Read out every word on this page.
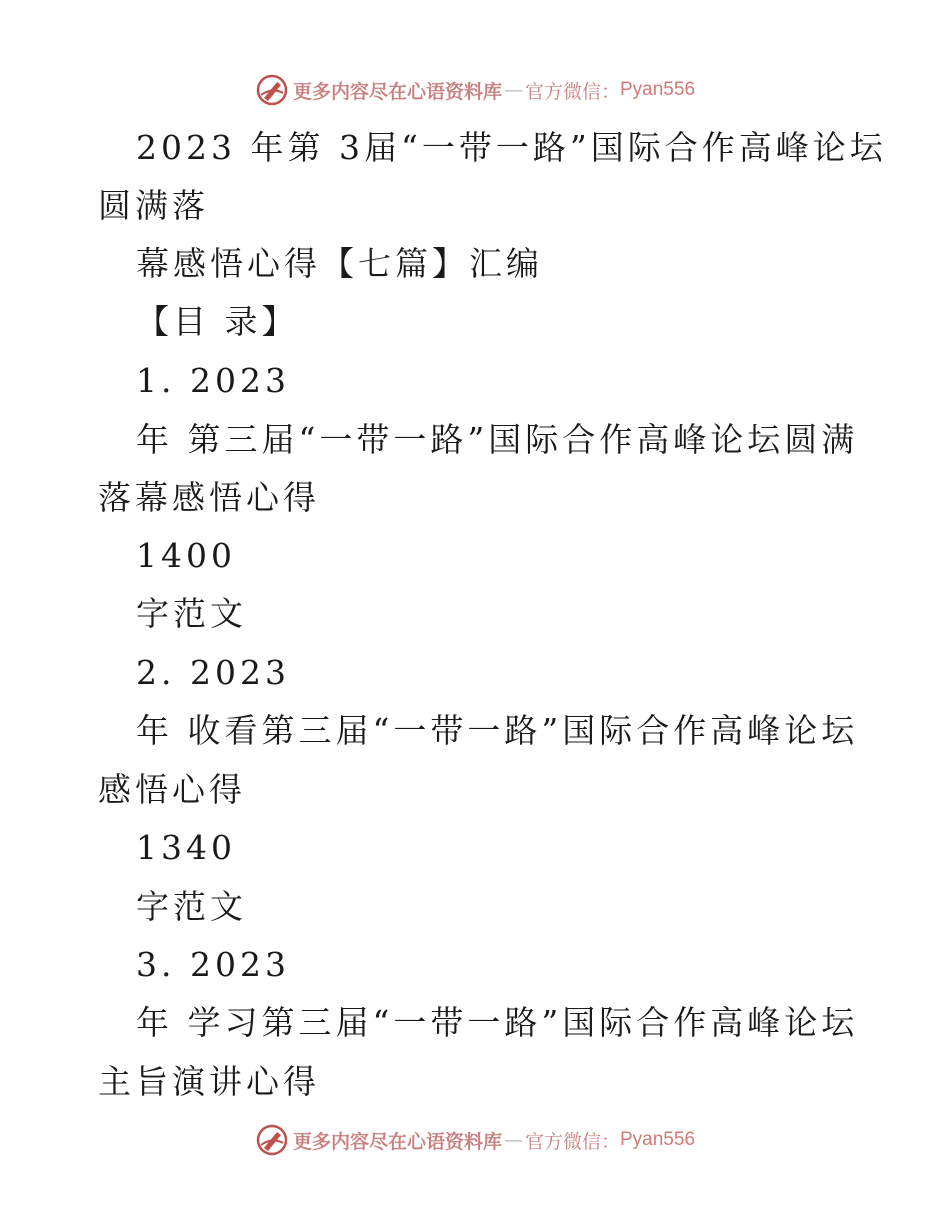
更多内容尽在心语资料库 — 官方微信： Pyan556
2023 年第 3届“一带一路”国际合作高峰论坛
圆满落
幕感悟心得【七篇】汇编
【目 录】
1. 2023
年 第三届“一带一路”国际合作高峰论坛圆满
落幕感悟心得
1400
字范文
2. 2023
年 收看第三届“一带一路”国际合作高峰论坛
感悟心得
1340
字范文
3. 2023
年 学习第三届“一带一路”国际合作高峰论坛
主旨演讲心得
更多内容尽在心语资料库 — 官方微信： Pyan556
